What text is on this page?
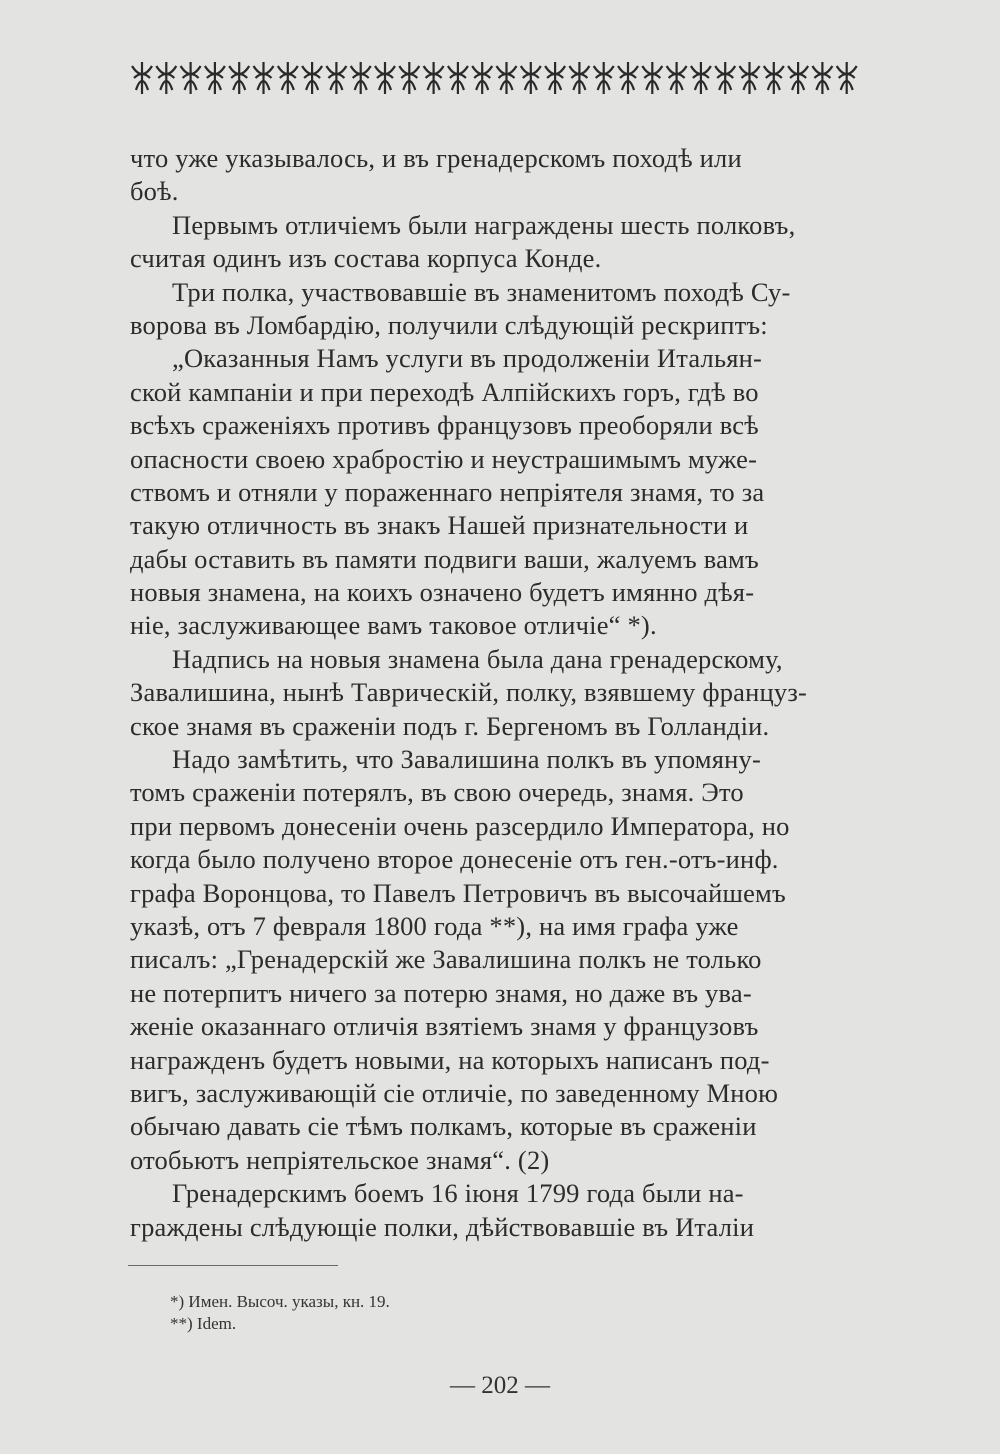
что уже указывалось, и въ гренадерскомъ походѣ или
боѣ.
Первымъ отличіемъ были награждены шесть полковъ,
считая одинъ изъ состава корпуса Конде.
Три полка, участвовавшіе въ знаменитомъ походѣ Су-
ворова въ Ломбардію, получили слѣдующій рескриптъ:
„Оказанныя Намъ услуги въ продолженіи Итальян-
ской кампаніи и при переходѣ Алпійскихъ горъ, гдѣ во
всѣхъ сраженіяхъ противъ французовъ преоборяли всѣ
опасности своею храбростію и неустрашимымъ муже-
ствомъ и отняли у пораженнаго непріятеля знамя, то за
такую отличность въ знакъ Нашей признательности и
дабы оставить въ памяти подвиги ваши, жалуемъ вамъ
новыя знамена, на коихъ означено будетъ имянно дѣя-
ніе, заслуживающее вамъ таковое отличіе“ *).
Надпись на новыя знамена была дана гренадерскому,
Завалишина, нынѣ Таврическій, полку, взявшему француз-
ское знамя въ сраженіи подъ г. Бергеномъ въ Голландіи.
Надо замѣтить, что Завалишина полкъ въ упомяну-
томъ сраженіи потерялъ, въ свою очередь, знамя. Это
при первомъ донесеніи очень разсердило Императора, но
когда было получено второе донесеніе отъ ген.-отъ-инф.
графа Воронцова, то Павелъ Петровичъ въ высочайшемъ
указѣ, отъ 7 февраля 1800 года **), на имя графа уже
писалъ: „Гренадерскій же Завалишина полкъ не только
не потерпитъ ничего за потерю знамя, но даже въ ува-
женіе оказаннаго отличія взятіемъ знамя у французовъ
награжденъ будетъ новыми, на которыхъ написанъ под-
вигъ, заслуживающій сіе отличіе, по заведенному Мною
обычаю давать сіе тѣмъ полкамъ, которые въ сраженіи
отобьютъ непріятельское знамя“. (2)
Гренадерскимъ боемъ 16 іюня 1799 года были на-
граждены слѣдующіе полки, дѣйствовавшіе въ Италіи
*) Имен. Высоч. указы, кн. 19.
**) Idem.
— 202 —
